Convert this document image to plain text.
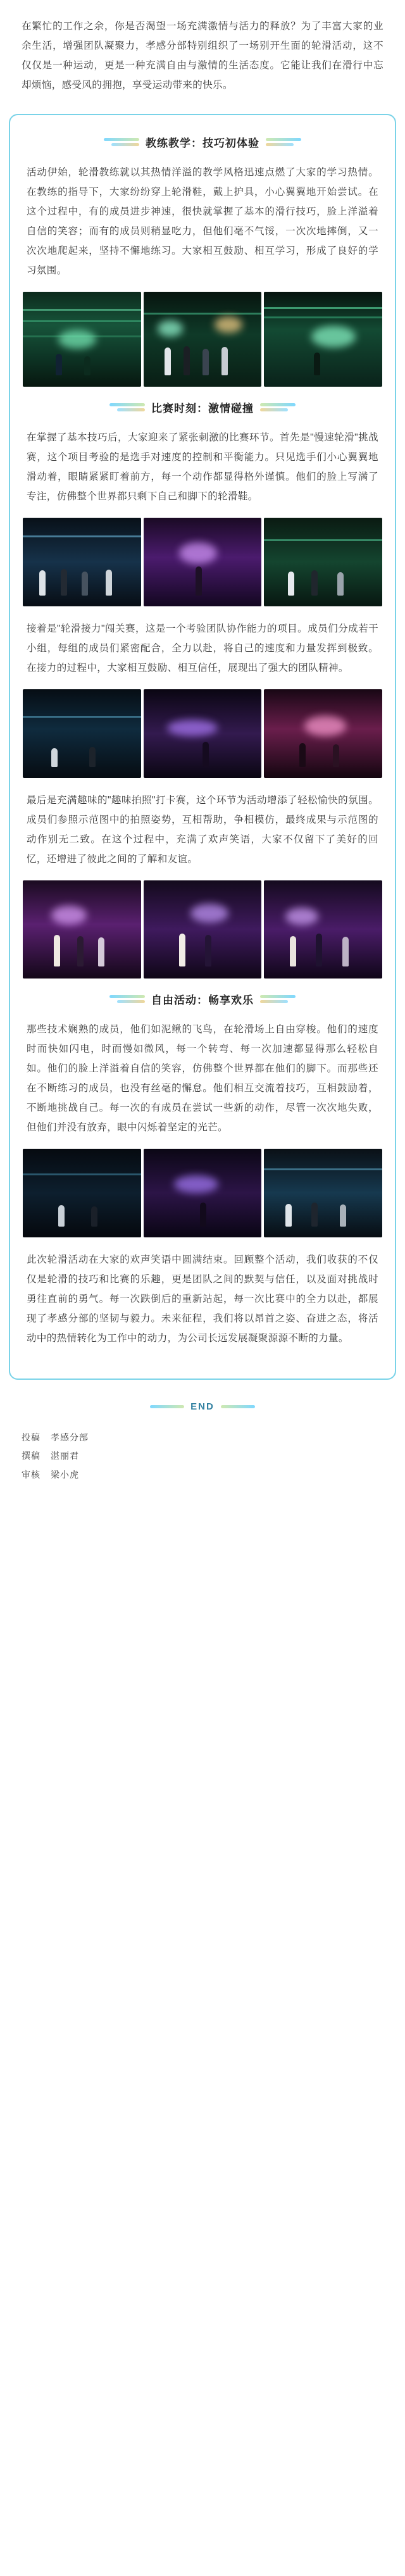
在繁忙的工作之余，你是否渴望一场充满激情与活力的释放？为了丰富大家的业余生活，增强团队凝聚力，孝感分部特别组织了一场别开生面的轮滑活动，这不仅仅是一种运动，更是一种充满自由与激情的生活态度。它能让我们在滑行中忘却烦恼，感受风的拥抱，享受运动带来的快乐。

教练教学：技巧初体验

活动伊始，轮滑教练就以其热情洋溢的教学风格迅速点燃了大家的学习热情。在教练的指导下，大家纷纷穿上轮滑鞋，戴上护具，小心翼翼地开始尝试。在这个过程中，有的成员进步神速，很快就掌握了基本的滑行技巧，脸上洋溢着自信的笑容；而有的成员则稍显吃力，但他们毫不气馁，一次次地摔倒，又一次次地爬起来，坚持不懈地练习。大家相互鼓励、相互学习，形成了良好的学习氛围。

比赛时刻：激情碰撞

在掌握了基本技巧后，大家迎来了紧张刺激的比赛环节。首先是"慢速轮滑"挑战赛，这个项目考验的是选手对速度的控制和平衡能力。只见选手们小心翼翼地滑动着，眼睛紧紧盯着前方，每一个动作都显得格外谨慎。他们的脸上写满了专注，仿佛整个世界都只剩下自己和脚下的轮滑鞋。

接着是"轮滑接力"闯关赛，这是一个考验团队协作能力的项目。成员们分成若干小组，每组的成员们紧密配合，全力以赴，将自己的速度和力量发挥到极致。在接力的过程中，大家相互鼓励、相互信任，展现出了强大的团队精神。

最后是充满趣味的"趣味拍照"打卡赛，这个环节为活动增添了轻松愉快的氛围。成员们参照示范图中的拍照姿势，互相帮助，争相模仿，最终成果与示范图的动作别无二致。在这个过程中，充满了欢声笑语，大家不仅留下了美好的回忆，还增进了彼此之间的了解和友谊。

自由活动：畅享欢乐

那些技术娴熟的成员，他们如泥鳅的飞鸟，在轮滑场上自由穿梭。他们的速度时而快如闪电，时而慢如微风，每一个转弯、每一次加速都显得那么轻松自如。他们的脸上洋溢着自信的笑容，仿佛整个世界都在他们的脚下。而那些还在不断练习的成员，也没有丝毫的懈怠。他们相互交流着技巧，互相鼓励着，不断地挑战自己。每一次的有成员在尝试一些新的动作，尽管一次次地失败，但他们并没有放弃，眼中闪烁着坚定的光芒。

此次轮滑活动在大家的欢声笑语中圆满结束。回顾整个活动，我们收获的不仅仅是轮滑的技巧和比赛的乐趣，更是团队之间的默契与信任，以及面对挑战时勇往直前的勇气。每一次跌倒后的重新站起，每一次比赛中的全力以赴，都展现了孝感分部的坚韧与毅力。未来征程，我们将以昂首之姿、奋进之态，将活动中的热情转化为工作中的动力，为公司长远发展凝聚源源不断的力量。

END
投稿	孝感分部
撰稿	湛丽君
审核	梁小虎
